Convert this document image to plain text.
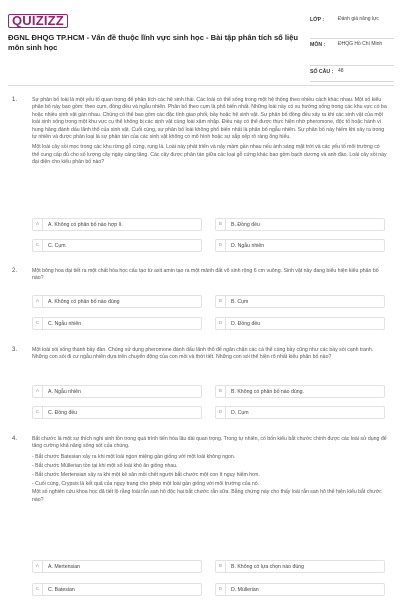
QUIZIZZ
ĐGNL ĐHQG TP.HCM - Vấn đề thuộc lĩnh vực sinh học - Bài tập phân tích số liệu môn sinh học
LỚP :	Đánh giá năng lực
MÔN :	ĐHQG Hồ Chí Minh
SỐ CÂU : 48
1.	Sự phân bố loài là một yếu tố quan trọng để phân tích các hệ sinh thái. Các loài có thể sống trong một hệ thống theo nhiều cách khác nhau. Một số kiểu phân bố này bao gồm: theo cụm, đồng đều và ngẫu nhiên. Phân bố theo cụm là phổ biến nhất. Những loài này có xu hướng sống trong các khu vực có ba hoặc nhiều sinh vật gần nhau. Chúng có thể bao gồm các đặc tính giao phối, bầy hoặc hệ sinh vật. Sự phân bố đồng đều xảy ra khi các sinh vật của một loài sinh sống trong một khu vực cụ thể không bị các sinh vật cùng loài xâm nhập. Điều này có thể được thực hiện nhờ pheromone, độc tố hoặc hành vi hung hăng đánh dấu lãnh thổ của sinh vật. Cuối cùng, sự phân bố loài không phổ biến nhất là phân bố ngẫu nhiên. Sự phân bố này hiếm khi xảy ra trong tự nhiên và được phân loại là sự phân tán của các sinh vật không có mô hình hoặc sự sắp xếp rõ ràng ông hiểu.

Một loài cây sồi mọc trong các khu rừng gỗ cứng, rụng lá. Loài này phát triển và nảy mầm gần nhau nếu ánh sáng mặt trời và các yếu tố môi trường có thể cung cấp đủ cho số lượng cây ngày càng tăng. Các cây được phân tán giữa các loại gỗ cứng khác bao gồm bạch dương và anh đào. Loài cây sồi này đại diện cho kiểu phân bố nào?

A	A. Không có phân bố nào hợp lí.	B	B. Đồng đều
C	C. Cụm	D	D. Ngẫu nhiên
2.	Một bông hoa dại tiết ra một chất hóa học cấu tạo từ axit amin tạo ra một mảnh đất vô sinh rộng 6 cm vuông. Sinh vật này đang biểu hiện kiểu phân bố nào?

A	A. Không có phân bố nào đúng	B	B. Cụm
C	C. Ngẫu nhiên	D	D. Đồng đều
3.	Một loài sói sống thành bầy đàn. Chúng sử dụng pheromone đánh dấu lãnh thổ để ngăn chặn các cá thể cùng bầy cũng như các bầy sói cạnh tranh. Những con sói đi cư ngẫu nhiên dựa trên chuyển động của con mồi và thời tiết. Những con sói thể hiện rõ nhất kiểu phân bố nào?

A	A. Ngẫu nhiên	B	B. Không có phân bố nào đúng.
C	C. Đồng đều	D	D. Cụm
4.	Bắt chước là một sự thích nghi sinh tồn trong quá trình tiến hóa lâu dài quan trọng. Trong tự nhiên, có bốn kiểu bắt chước chính được các loài sử dụng để tăng cường khả năng sống sót của chúng.

- Bắt chước Batesian xảy ra khi một loài ngon miệng gần giống với một loài không ngon.

- Bắt chước Müllerian tồn tại khi một số loài khó ăn giống nhau.

- Bắt chước Mertensian xảy ra khi một kẻ săn mồi chết người bắt chước một con ít nguy hiểm hơn.

- Cuối cùng, Crypsis là kết quả của ngụy trang cho phép một loài gần giống với môi trường của nó.

Một số nghiên cứu khoa học đã tiết lộ rằng loài rắn san hô độc hại bắt chước rắn sữa. Bằng chứng này cho thấy loài rắn san hô thể hiện kiểu bắt chước nào?

A	A. Mertensian	B	B. Không có lựa chọn nào đúng
C	C. Batesian	D	D. Müllerian
